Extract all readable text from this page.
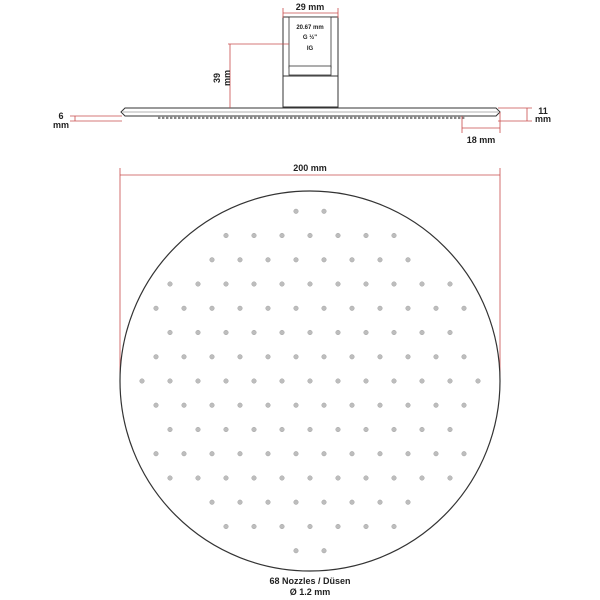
20.67 mm
G ½"
IG
29 mm
39 mm
6
mm
11
mm
18 mm
200 mm
68 Nozzles / Düsen
Ø 1.2 mm
